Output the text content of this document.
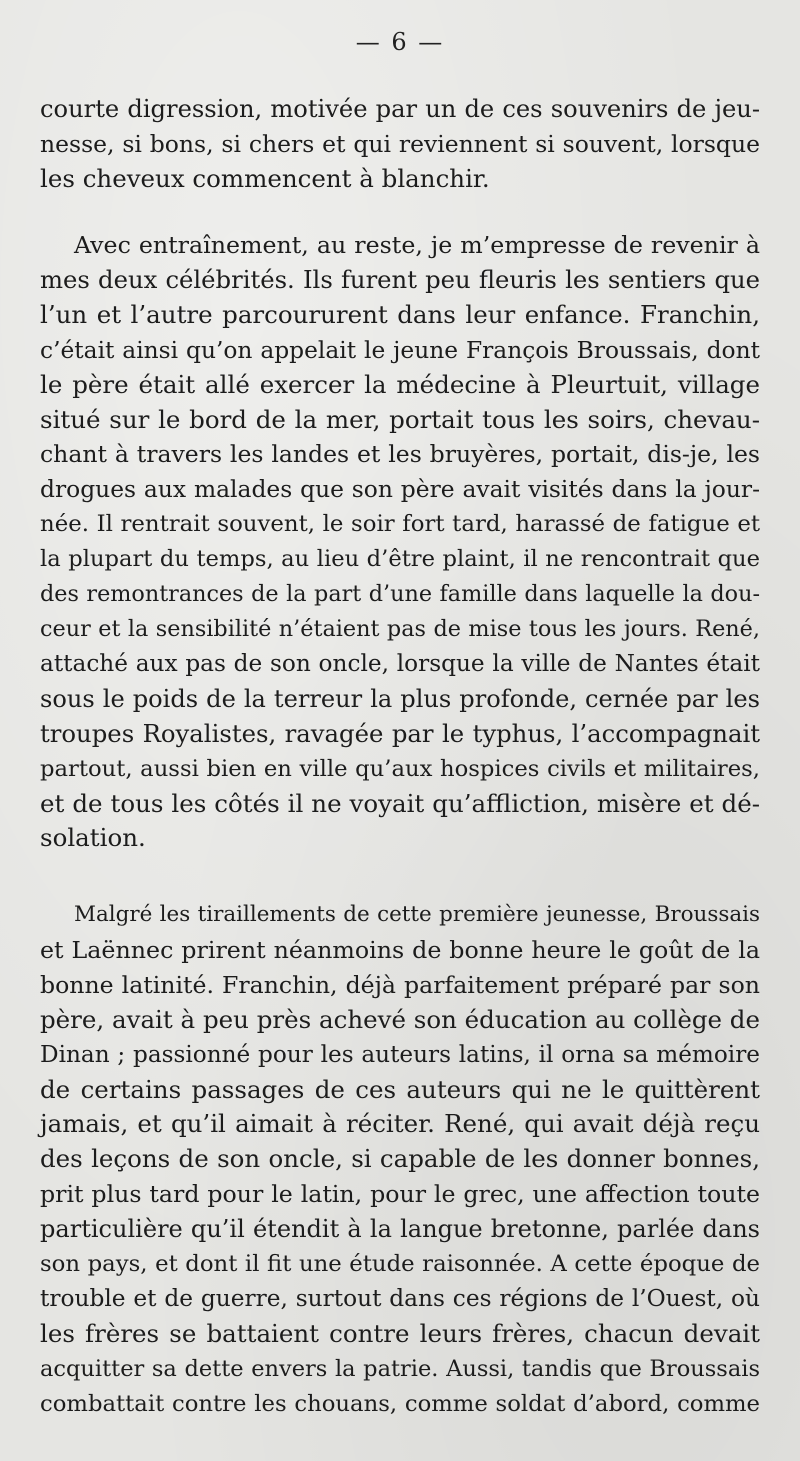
— 6 —

courte digression, motivée par un de ces souvenirs de jeu-
nesse, si bons, si chers et qui reviennent si souvent, lorsque
les cheveux commencent à blanchir.

Avec entraînement, au reste, je m’empresse de revenir à
mes deux célébrités. Ils furent peu fleuris les sentiers que
l’un et l’autre parcoururent dans leur enfance. Franchin,
c’était ainsi qu’on appelait le jeune François Broussais, dont
le père était allé exercer la médecine à Pleurtuit, village
situé sur le bord de la mer, portait tous les soirs, chevau-
chant à travers les landes et les bruyères, portait, dis-je, les
drogues aux malades que son père avait visités dans la jour-
née. Il rentrait souvent, le soir fort tard, harassé de fatigue et
la plupart du temps, au lieu d’être plaint, il ne rencontrait que
des remontrances de la part d’une famille dans laquelle la dou-
ceur et la sensibilité n’étaient pas de mise tous les jours. René,
attaché aux pas de son oncle, lorsque la ville de Nantes était
sous le poids de la terreur la plus profonde, cernée par les
troupes Royalistes, ravagée par le typhus, l’accompagnait
partout, aussi bien en ville qu’aux hospices civils et militaires,
et de tous les côtés il ne voyait qu’affliction, misère et dé-
solation.

Malgré les tiraillements de cette première jeunesse, Broussais
et Laënnec prirent néanmoins de bonne heure le goût de la
bonne latinité. Franchin, déjà parfaitement préparé par son
père, avait à peu près achevé son éducation au collège de
Dinan ; passionné pour les auteurs latins, il orna sa mémoire
de certains passages de ces auteurs qui ne le quittèrent
jamais, et qu’il aimait à réciter. René, qui avait déjà reçu
des leçons de son oncle, si capable de les donner bonnes,
prit plus tard pour le latin, pour le grec, une affection toute
particulière qu’il étendit à la langue bretonne, parlée dans
son pays, et dont il fit une étude raisonnée. A cette époque de
trouble et de guerre, surtout dans ces régions de l’Ouest, où
les frères se battaient contre leurs frères, chacun devait
acquitter sa dette envers la patrie. Aussi, tandis que Broussais
combattait contre les chouans, comme soldat d’abord, comme
